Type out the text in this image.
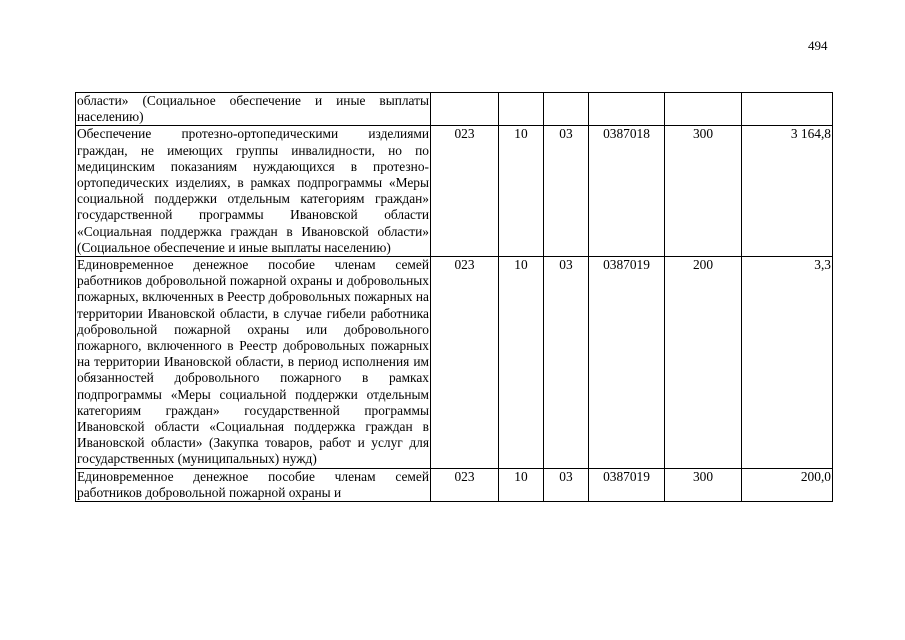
494
области» (Социальное обеспечение и иные выплаты населению)						
Обеспечение протезно-ортопедическими изделиями граждан, не имеющих группы инвалидности, но по медицинским показаниям нуждающихся в протезно-ортопедических изделиях, в рамках подпрограммы «Меры социальной поддержки отдельным категориям граждан» государственной программы Ивановской области «Социальная поддержка граждан в Ивановской области» (Социальное обеспечение и иные выплаты населению)	023	10	03	0387018	300	3 164,8
Единовременное денежное пособие членам семей работников добровольной пожарной охраны и добровольных пожарных, включенных в Реестр добровольных пожарных на территории Ивановской области, в случае гибели работника добровольной пожарной охраны или добровольного пожарного, включенного в Реестр добровольных пожарных на территории Ивановской области, в период исполнения им обязанностей добровольного пожарного в рамках подпрограммы «Меры социальной поддержки отдельным категориям граждан» государственной программы Ивановской области «Социальная поддержка граждан в Ивановской области» (Закупка товаров, работ и услуг для государственных (муниципальных) нужд)	023	10	03	0387019	200	3,3
Единовременное денежное пособие членам семей работников добровольной пожарной охраны и	023	10	03	0387019	300	200,0
